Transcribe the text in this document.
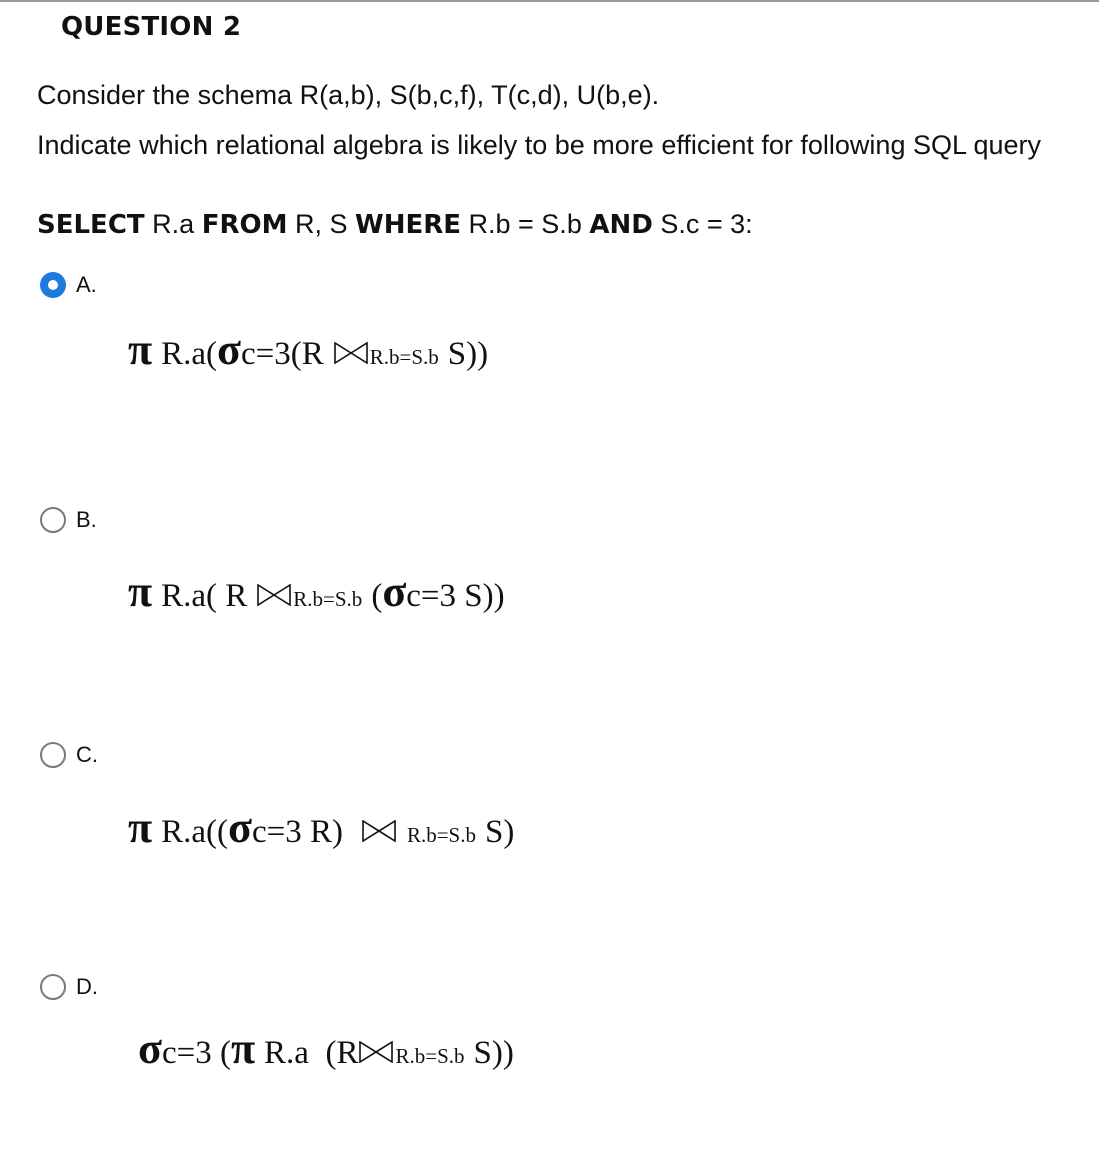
QUESTION 2
Consider the schema R(a,b), S(b,c,f), T(c,d), U(b,e).
Indicate which relational algebra is likely to be more efficient for following SQL query
SELECT R.a FROM R, S WHERE R.b = S.b AND S.c = 3:
A.
π R.a( σ c=3(R R.b=S.b S))
B.
π R.a( R R.b=S.b ( σ c=3 S))
C.
π R.a(( σ c=3 R)	R.b=S.b S)
D.
σ c=3 ( π R.a  (R R.b=S.b S))
